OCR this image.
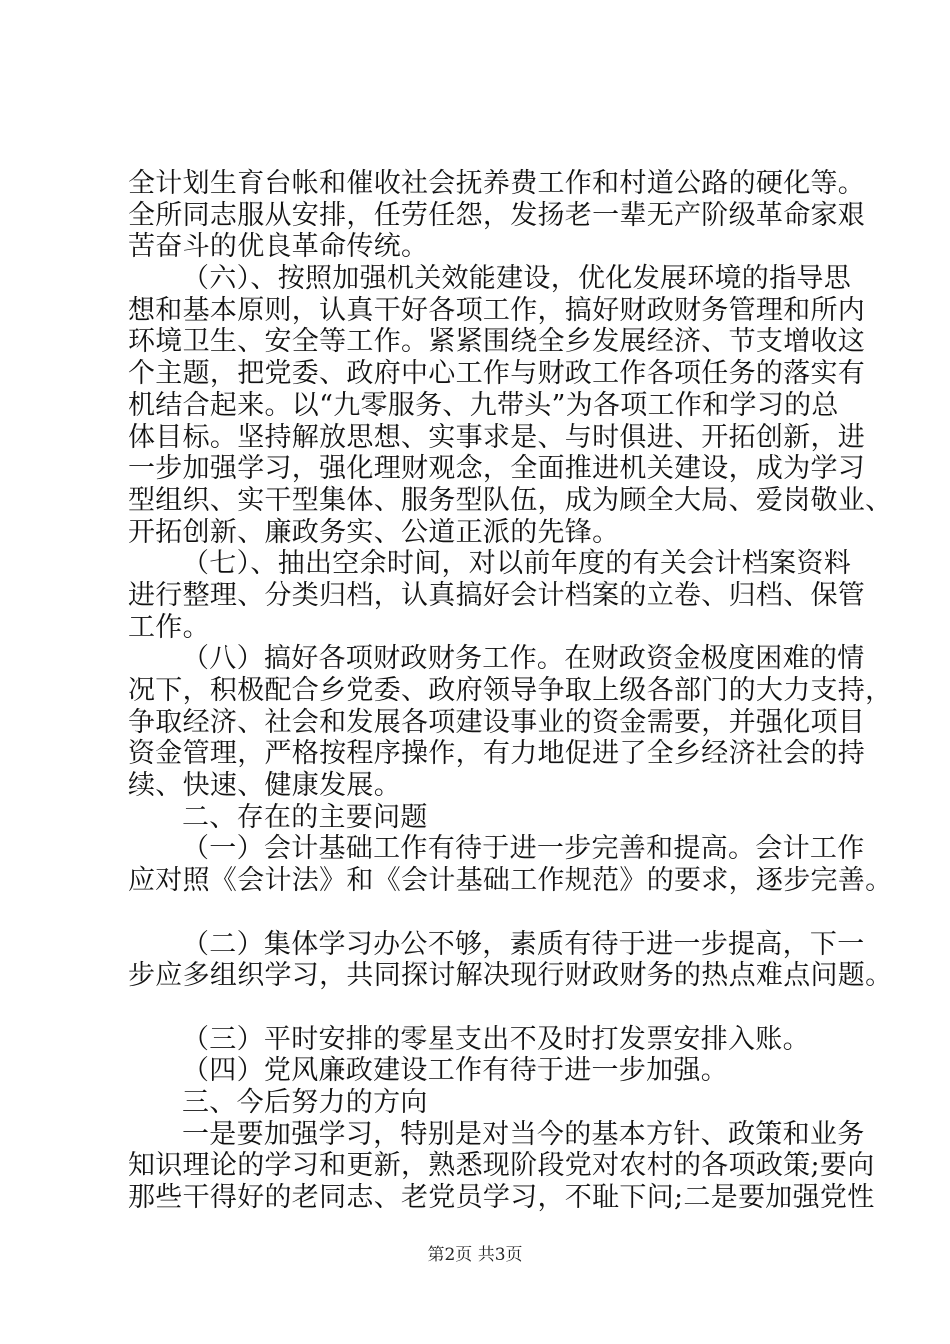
全计划生育台帐和催收社会抚养费工作和村道公路的硬化等。
全所同志服从安排，任劳任怨，发扬老一辈无产阶级革命家艰
苦奋斗的优良革命传统。
（六）、按照加强机关效能建设，优化发展环境的指导思
想和基本原则，认真干好各项工作，搞好财政财务管理和所内
环境卫生、安全等工作。紧紧围绕全乡发展经济、节支增收这
个主题，把党委、政府中心工作与财政工作各项任务的落实有
机结合起来。以“九零服务、九带头”为各项工作和学习的总
体目标。坚持解放思想、实事求是、与时俱进、开拓创新，进
一步加强学习，强化理财观念，全面推进机关建设，成为学习
型组织、实干型集体、服务型队伍，成为顾全大局、爱岗敬业、
开拓创新、廉政务实、公道正派的先锋。
（七）、抽出空余时间，对以前年度的有关会计档案资料
进行整理、分类归档，认真搞好会计档案的立卷、归档、保管
工作。
（八）搞好各项财政财务工作。在财政资金极度困难的情
况下，积极配合乡党委、政府领导争取上级各部门的大力支持，
争取经济、社会和发展各项建设事业的资金需要，并强化项目
资金管理，严格按程序操作，有力地促进了全乡经济社会的持
续、快速、健康发展。
二、存在的主要问题
（一）会计基础工作有待于进一步完善和提高。会计工作
应对照《会计法》和《会计基础工作规范》的要求，逐步完善。
（二）集体学习办公不够，素质有待于进一步提高，下一
步应多组织学习，共同探讨解决现行财政财务的热点难点问题。
（三）平时安排的零星支出不及时打发票安排入账。
（四）党风廉政建设工作有待于进一步加强。
三、今后努力的方向
一是要加强学习，特别是对当今的基本方针、政策和业务
知识理论的学习和更新，熟悉现阶段党对农村的各项政策;要向
那些干得好的老同志、老党员学习，不耻下问;二是要加强党性
第2页 共3页
